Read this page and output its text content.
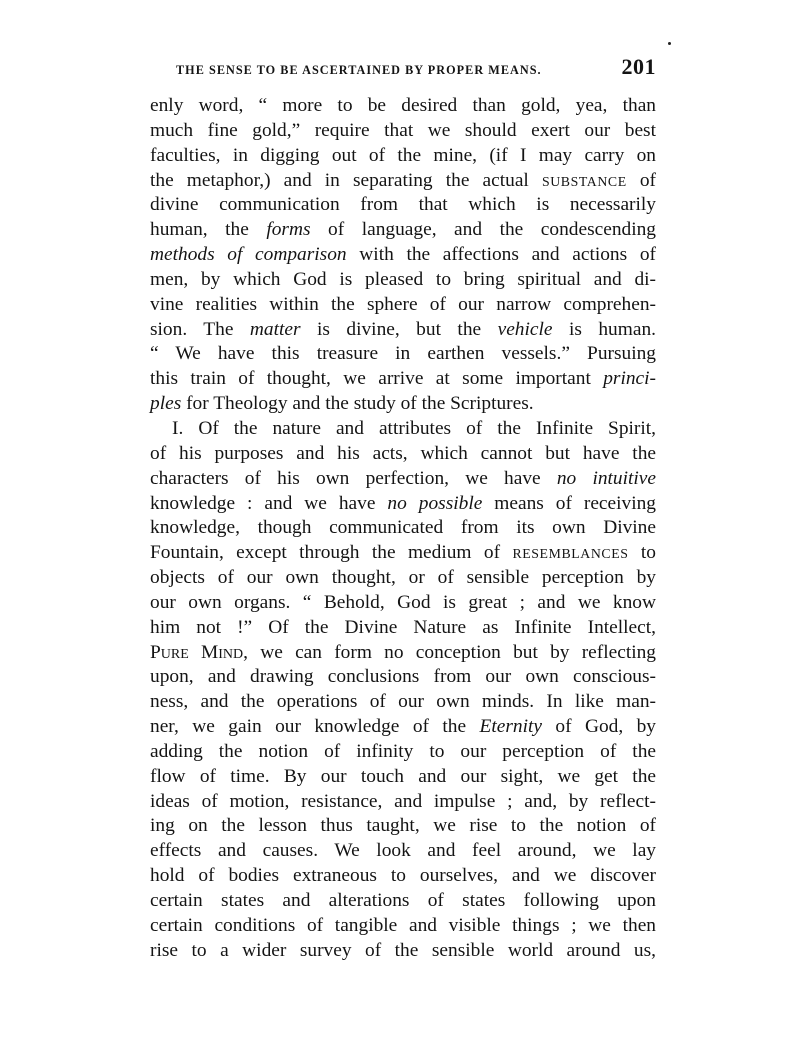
THE SENSE TO BE ASCERTAINED BY PROPER MEANS.	201
enly word, “ more to be desired than gold, yea, than
much fine gold,” require that we should exert our best
faculties, in digging out of the mine, (if I may carry on
the metaphor,) and in separating the actual SUBSTANCE of
divine communication from that which is necessarily
human, the forms of language, and the condescending
methods of comparison with the affections and actions of
men, by which God is pleased to bring spiritual and di-
vine realities within the sphere of our narrow comprehen-
sion. The matter is divine, but the vehicle is human.
“ We have this treasure in earthen vessels.” Pursuing
this train of thought, we arrive at some important princi-
ples for Theology and the study of the Scriptures.
I. Of the nature and attributes of the Infinite Spirit,
of his purposes and his acts, which cannot but have the
characters of his own perfection, we have no intuitive
knowledge : and we have no possible means of receiving
knowledge, though communicated from its own Divine
Fountain, except through the medium of RESEMBLANCES to
objects of our own thought, or of sensible perception by
our own organs. “ Behold, God is great ; and we know
him not !” Of the Divine Nature as Infinite Intellect,
Pure Mind, we can form no conception but by reflecting
upon, and drawing conclusions from our own conscious-
ness, and the operations of our own minds. In like man-
ner, we gain our knowledge of the Eternity of God, by
adding the notion of infinity to our perception of the
flow of time. By our touch and our sight, we get the
ideas of motion, resistance, and impulse ; and, by reflect-
ing on the lesson thus taught, we rise to the notion of
effects and causes. We look and feel around, we lay
hold of bodies extraneous to ourselves, and we discover
certain states and alterations of states following upon
certain conditions of tangible and visible things ; we then
rise to a wider survey of the sensible world around us,
